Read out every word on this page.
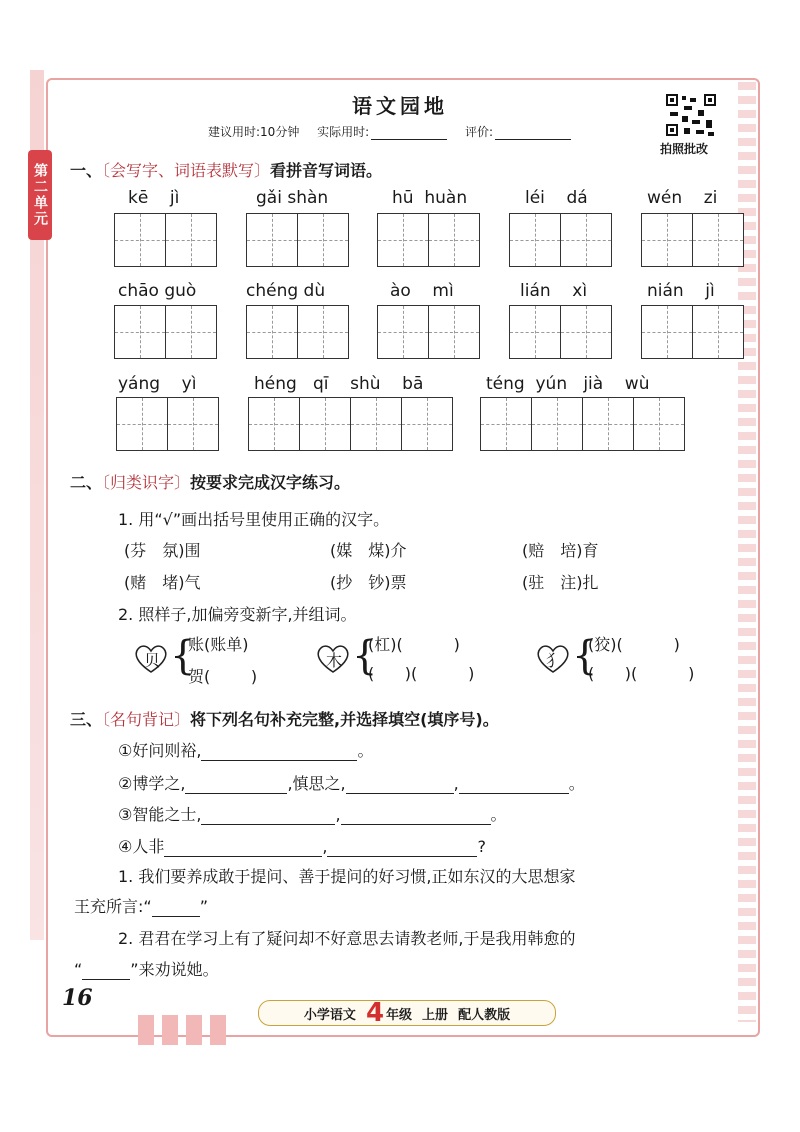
第二单元
语文园地
建议用时:10分钟 实际用时:	评价:
拍照批改
一、〔会写字、词语表默写〕看拼音写词语。
kē    jì	gǎi shàn	hū  huàn	léi    dá	wén    zi
chāo guò	chéng dù	ào    mì	lián    xì	nián    jì
yáng    yì	héng   qī    shù    bā	téng  yún   jià    wù
二、〔归类识字〕按要求完成汉字练习。
1. 用“√”画出括号里使用正确的汉字。
(芬　氛)围	(媒　煤)介	(赔　培)育
(赌　堵)气	(抄　钞)票	(驻　注)扎
2. 照样子,加偏旁变新字,并组词。
贝 {
账(账单)
贺(        )
木 {
(杠)(          )
(      )(          )
犭 {
(狡)(          )
(      )(          )
三、〔名句背记〕将下列名句补充完整,并选择填空(填序号)。
①好问则裕,	。
②博学之,	,慎思之,	,	。
③智能之士,	,	。
④人非	,	?
1. 我们要养成敢于提问、善于提问的好习惯,正如东汉的大思想家
王充所言:“	”
2. 君君在学习上有了疑问却不好意思去请教老师,于是我用韩愈的
“	”来劝说她。
16
小学语文 4 年级 上册 配人教版
